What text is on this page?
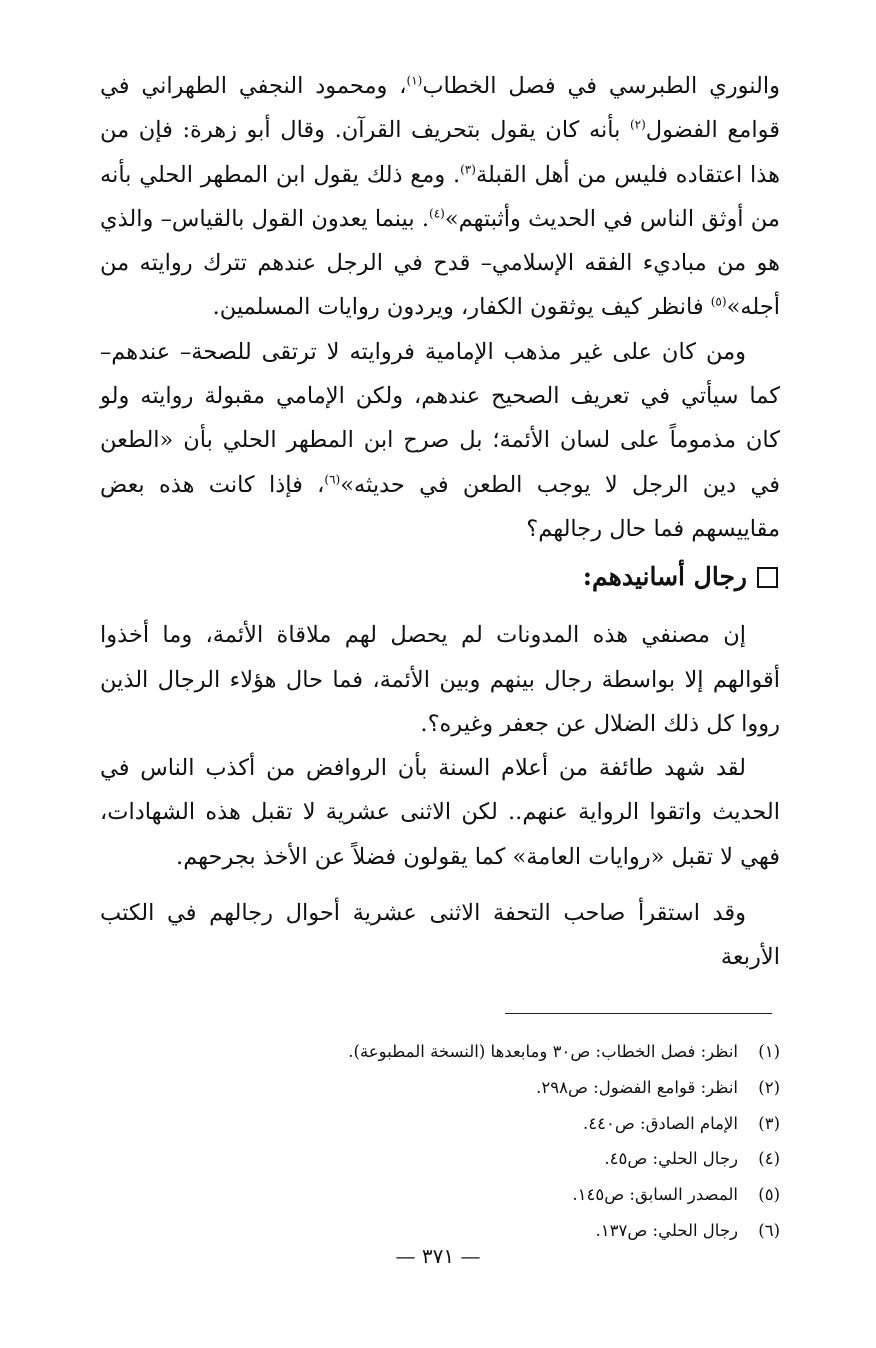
والنوري الطبرسي في فصل الخطاب$^{(١)}$، ومحمود النجفي الطهراني في قوامع الفضول$^{(٢)}$ بأنه كان يقول بتحريف القرآن. وقال أبو زهرة: فإن من هذا اعتقاده فليس من أهل القبلة$^{(٣)}$. ومع ذلك يقول ابن المطهر الحلي بأنه من أوثق الناس في الحديث وأثبتهم»$^{(٤)}$. بينما يعدون القول بالقياس– والذي هو من مباديء الفقه الإسلامي– قدح في الرجل عندهم تترك روايته من أجله»$^{(٥)}$ فانظر كيف يوثقون الكفار، ويردون روايات المسلمين.

ومن كان على غير مذهب الإمامية فروايته لا ترتقى للصحة– عندهم– كما سيأتي في تعريف الصحيح عندهم، ولكن الإمامي مقبولة روايته ولو كان مذموماً على لسان الأئمة؛ بل صرح ابن المطهر الحلي بأن «الطعن في دين الرجل لا يوجب الطعن في حديثه»$^{(٦)}$، فإذا كانت هذه بعض مقاييسهم فما حال رجالهم؟

رجال أسانيدهم:

إن مصنفي هذه المدونات لم يحصل لهم ملاقاة الأئمة، وما أخذوا أقوالهم إلا بواسطة رجال بينهم وبين الأئمة، فما حال هؤلاء الرجال الذين رووا كل ذلك الضلال عن جعفر وغيره؟.

لقد شهد طائفة من أعلام السنة بأن الروافض من أكذب الناس في الحديث واتقوا الرواية عنهم.. لكن الاثنى عشرية لا تقبل هذه الشهادات، فهي لا تقبل «روايات العامة» كما يقولون فضلاً عن الأخذ بجرحهم.

وقد استقرأ صاحب التحفة الاثنى عشرية أحوال رجالهم في الكتب الأربعة

(١)
انظر: فصل الخطاب: ص٣٠ ومابعدها (النسخة المطبوعة).
(٢)
انظر: قوامع الفضول: ص٢٩٨.
(٣)
الإمام الصادق: ص٤٤٠.
(٤)
رجال الحلي: ص٤٥.
(٥)
المصدر السابق: ص١٤٥.
(٦)
رجال الحلي: ص١٣٧.
— ٣٧١ —
